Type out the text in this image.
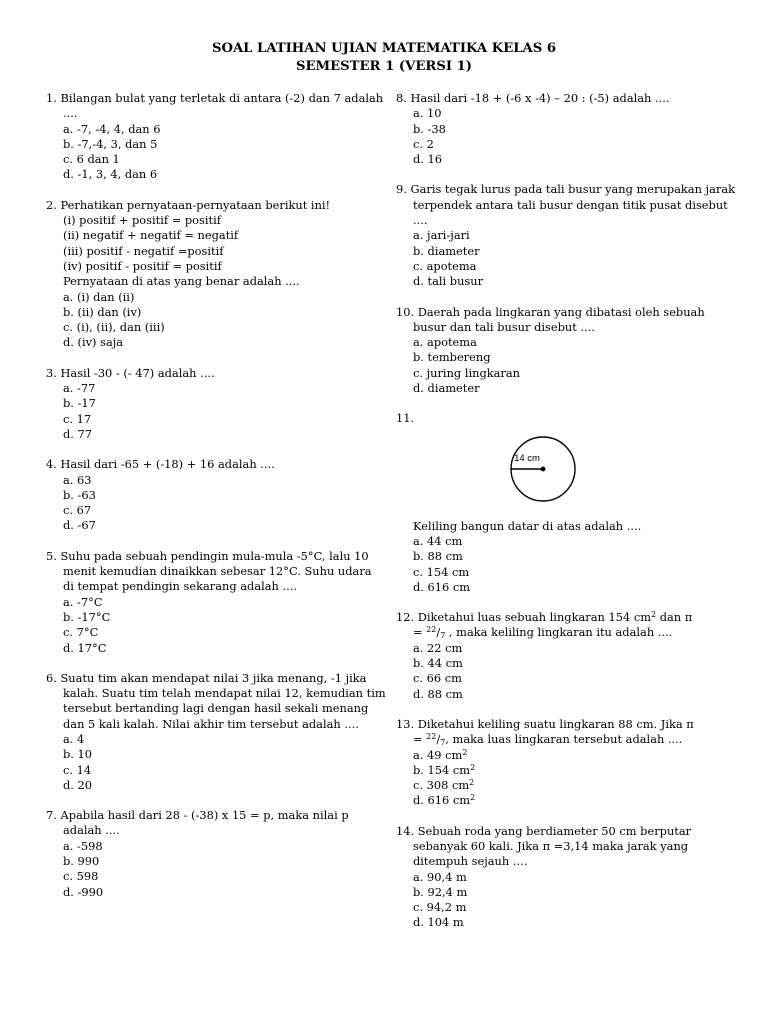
SOAL LATIHAN UJIAN MATEMATIKA KELAS 6
SEMESTER 1 (VERSI 1)

1. Bilangan bulat yang terletak di antara (-2) dan 7 adalah ....

a. -7, -4, 4, dan 6

b. -7,-4, 3, dan 5

c. 6 dan 1

d. -1, 3, 4, dan 6

2. Perhatikan pernyataan-pernyataan berikut ini!

(i) positif + positif = positif

(ii) negatif + negatif = negatif

(iii) positif - negatif =positif

(iv) positif - positif = positif

Pernyataan di atas yang benar adalah ....

a. (i) dan (ii)

b. (ii) dan (iv)

c. (i), (ii), dan (iii)

d. (iv) saja

3. Hasil -30 - (- 47) adalah ....

a. -77

b. -17

c. 17

d. 77

4. Hasil dari -65 + (-18) + 16 adalah ....

a. 63

b. -63

c. 67

d. -67

5. Suhu pada sebuah pendingin mula-mula -5°C, lalu 10 menit kemudian dinaikkan sebesar 12°C. Suhu udara di tempat pendingin sekarang adalah ....

a. -7°C

b. -17°C

c. 7°C

d. 17°C

6. Suatu tim akan mendapat nilai 3 jika menang, -1 jika kalah. Suatu tim telah mendapat nilai 12, kemudian tim tersebut bertanding lagi dengan hasil sekali menang dan 5 kali kalah. Nilai akhir tim tersebut adalah ....

a. 4

b. 10

c. 14

d. 20

7. Apabila hasil dari 28 - (-38) x 15 = p, maka nilai p adalah ....

a. -598

b. 990

c. 598

d. -990

8. Hasil dari -18 + (-6 x -4) – 20 : (-5) adalah ....

a. 10

b. -38

c. 2

d. 16

9. Garis tegak lurus pada tali busur yang merupakan jarak terpendek antara tali busur dengan titik pusat disebut ....

a. jari-jari

b. diameter

c. apotema

d. tali busur

10. Daerah pada lingkaran yang dibatasi oleh sebuah busur dan tali busur disebut ....

a. apotema

b. tembereng

c. juring lingkaran

d. diameter

11.

14 cm

Keliling bangun datar di atas adalah ....

a. 44 cm

b. 88 cm

c. 154 cm

d. 616 cm

12. Diketahui luas sebuah lingkaran 154 $cm^2$ dan π
= $^{22}/_7$ , maka keliling lingkaran itu adalah ....

a. 22 cm

b. 44 cm

c. 66 cm

d. 88 cm

13. Diketahui keliling suatu lingkaran 88 cm. Jika π
= $^{22}/_7$, maka luas lingkaran tersebut adalah ....

a. 49 $cm^2$

b. 154 $cm^2$

c. 308 $cm^2$

d. 616 $cm^2$

14. Sebuah roda yang berdiameter 50 cm berputar sebanyak 60 kali. Jika π =3,14 maka jarak yang ditempuh sejauh ....

a. 90,4 m

b. 92,4 m

c. 94,2 m

d. 104 m
